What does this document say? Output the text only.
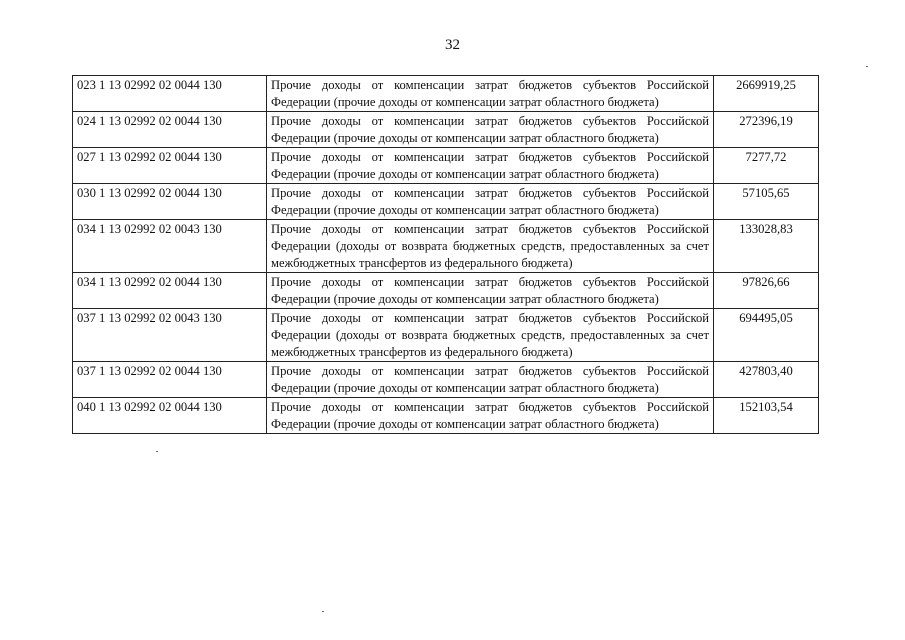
32
023 1 13 02992 02 0044 130	Прочие доходы от компенсации затрат бюджетов субъектов Российской Федерации (прочие доходы от компенсации затрат областного бюджета)	2669919,25
024 1 13 02992 02 0044 130	Прочие доходы от компенсации затрат бюджетов субъектов Российской Федерации (прочие доходы от компенсации затрат областного бюджета)	272396,19
027 1 13 02992 02 0044 130	Прочие доходы от компенсации затрат бюджетов субъектов Российской Федерации (прочие доходы от компенсации затрат областного бюджета)	7277,72
030 1 13 02992 02 0044 130	Прочие доходы от компенсации затрат бюджетов субъектов Российской Федерации (прочие доходы от компенсации затрат областного бюджета)	57105,65
034 1 13 02992 02 0043 130	Прочие доходы от компенсации затрат бюджетов субъектов Российской Федерации (доходы от возврата бюджетных средств, предоставленных за счет межбюджетных трансфертов из федерального бюджета)	133028,83
034 1 13 02992 02 0044 130	Прочие доходы от компенсации затрат бюджетов субъектов Российской Федерации (прочие доходы от компенсации затрат областного бюджета)	97826,66
037 1 13 02992 02 0043 130	Прочие доходы от компенсации затрат бюджетов субъектов Российской Федерации (доходы от возврата бюджетных средств, предоставленных за счет межбюджетных трансфертов из федерального бюджета)	694495,05
037 1 13 02992 02 0044 130	Прочие доходы от компенсации затрат бюджетов субъектов Российской Федерации (прочие доходы от компенсации затрат областного бюджета)	427803,40
040 1 13 02992 02 0044 130	Прочие доходы от компенсации затрат бюджетов субъектов Российской Федерации (прочие доходы от компенсации затрат областного бюджета)	152103,54
